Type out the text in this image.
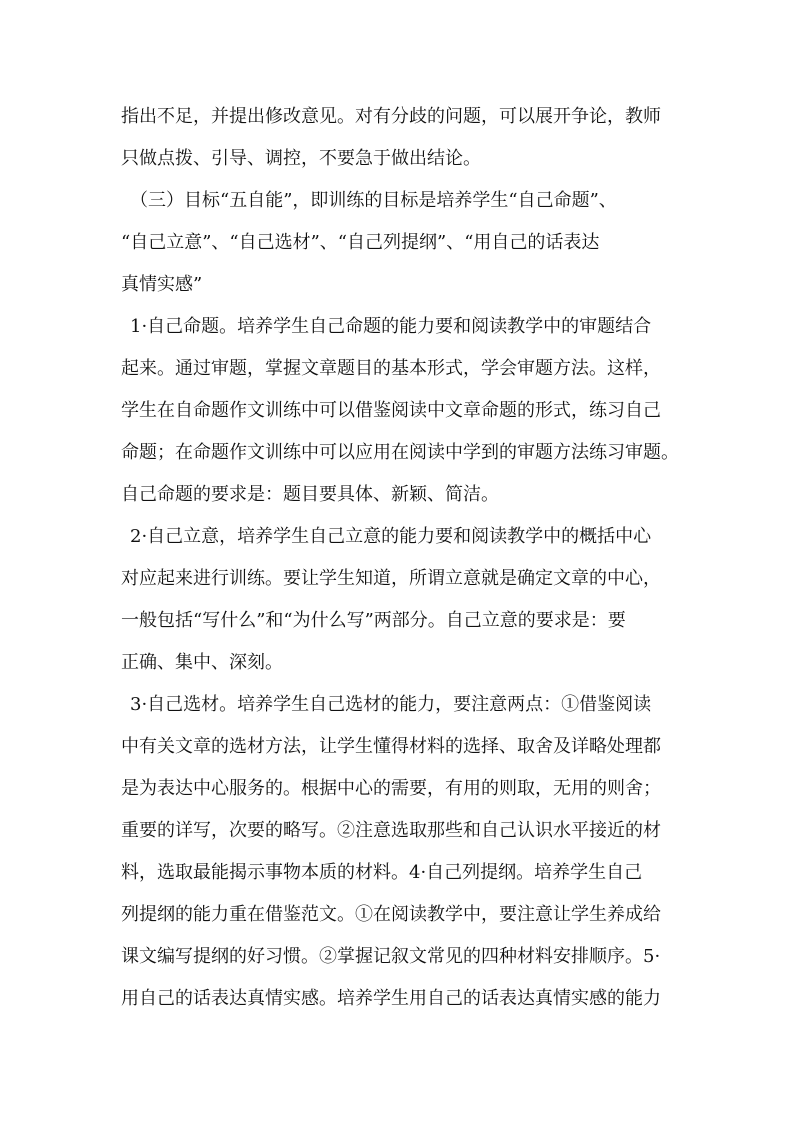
指出不足，并提出修改意见。对有分歧的问题，可以展开争论，教师
只做点拨、引导、调控，不要急于做出结论。
（三）目标“五自能”，即训练的目标是培养学生“自己命题”、
“自己立意”、“自己选材”、“自己列提纲”、“用自己的话表达
真情实感”
1·自己命题。培养学生自己命题的能力要和阅读教学中的审题结合
起来。通过审题，掌握文章题目的基本形式，学会审题方法。这样，
学生在自命题作文训练中可以借鉴阅读中文章命题的形式，练习自己
命题；在命题作文训练中可以应用在阅读中学到的审题方法练习审题。
自己命题的要求是：题目要具体、新颖、简洁。
2·自己立意，培养学生自己立意的能力要和阅读教学中的概括中心
对应起来进行训练。要让学生知道，所谓立意就是确定文章的中心，
一般包括“写什么”和“为什么写”两部分。自己立意的要求是：要
正确、集中、深刻。
3·自己选材。培养学生自己选材的能力，要注意两点：①借鉴阅读
中有关文章的选材方法，让学生懂得材料的选择、取舍及详略处理都
是为表达中心服务的。根据中心的需要，有用的则取，无用的则舍；
重要的详写，次要的略写。②注意选取那些和自己认识水平接近的材
料，选取最能揭示事物本质的材料。4·自己列提纲。培养学生自己
列提纲的能力重在借鉴范文。①在阅读教学中，要注意让学生养成给
课文编写提纲的好习惯。②掌握记叙文常见的四种材料安排顺序。5·
用自己的话表达真情实感。培养学生用自己的话表达真情实感的能力
